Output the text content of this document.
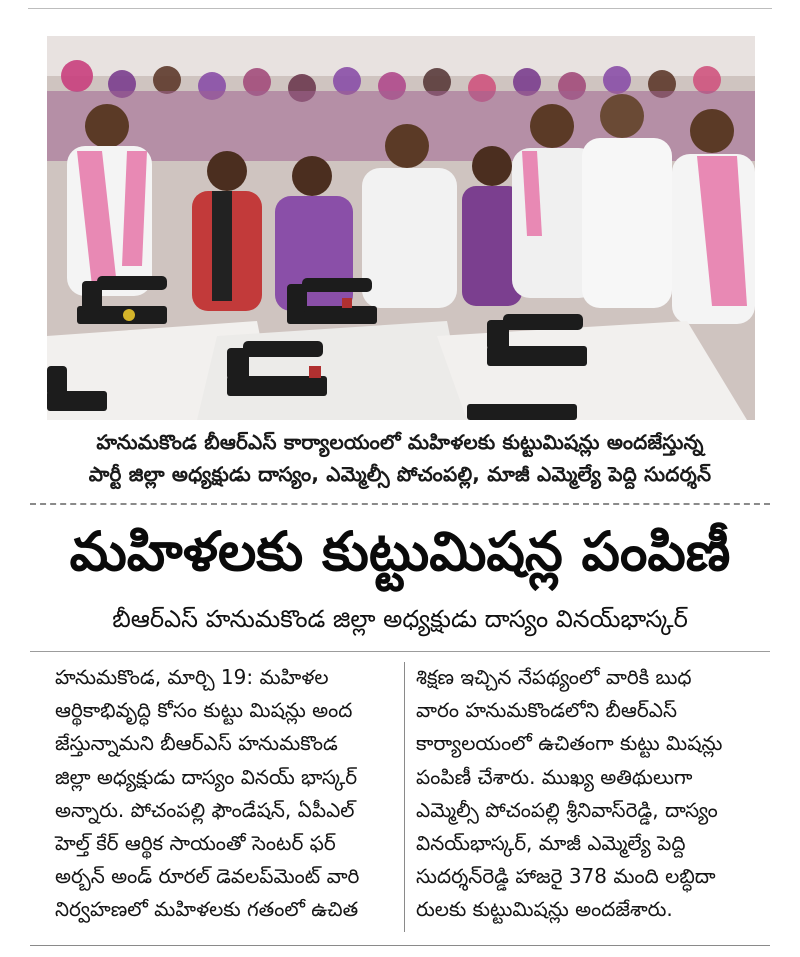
హనుమకొండ బీఆర్ఎస్ కార్యాలయంలో మహిళలకు కుట్టుమిషన్లు అందజేస్తున్న
పార్టీ జిల్లా అధ్యక్షుడు దాస్యం, ఎమ్మెల్సీ పోచంపల్లి, మాజీ ఎమ్మెల్యే పెద్ది సుదర్శన్
మహిళలకు కుట్టుమిషన్ల పంపిణీ
బీఆర్ఎస్ హనుమకొండ జిల్లా అధ్యక్షుడు దాస్యం వినయ్‌భాస్కర్
హనుమకొండ, మార్చి 19: మహిళల
ఆర్థికాభివృద్ధి కోసం కుట్టు మిషన్లు అంద
జేస్తున్నామని బీఆర్ఎస్ హనుమకొండ
జిల్లా అధ్యక్షుడు దాస్యం వినయ్ భాస్కర్
అన్నారు. పోచంపల్లి ఫౌండేషన్, ఏపీఎల్
హెల్త్ కేర్ ఆర్థిక సాయంతో సెంటర్ ఫర్
అర్బన్ అండ్ రూరల్ డెవలప్‌మెంట్ వారి
నిర్వహణలో మహిళలకు గతంలో ఉచిత
శిక్షణ ఇచ్చిన నేపథ్యంలో వారికి బుధ
వారం హనుమకొండలోని బీఆర్ఎస్
కార్యాలయంలో ఉచితంగా కుట్టు మిషన్లు
పంపిణీ చేశారు. ముఖ్య అతిథులుగా
ఎమ్మెల్సీ పోచంపల్లి శ్రీనివాస్‌రెడ్డి, దాస్యం
వినయ్‌భాస్కర్, మాజీ ఎమ్మెల్యే పెద్ది
సుదర్శన్‌రెడ్డి హాజరై 378 మంది లబ్ధిదా
రులకు కుట్టుమిషన్లు అందజేశారు.
